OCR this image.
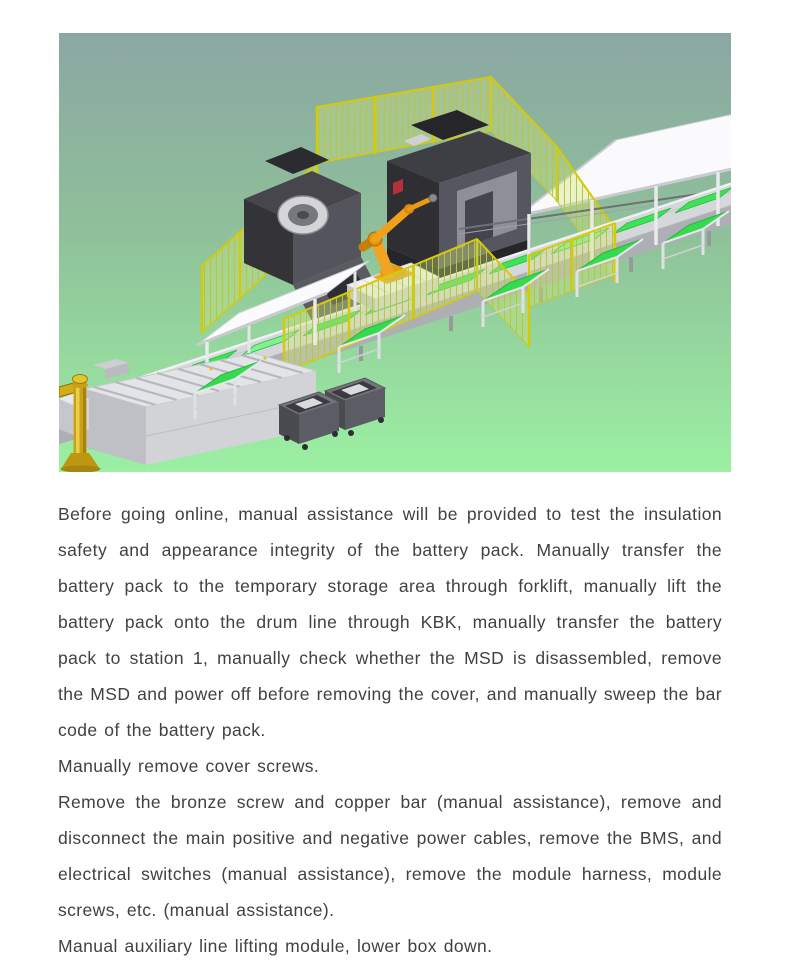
Before going online, manual assistance will be provided to test the insulation safety and appearance integrity of the battery pack. Manually transfer the battery pack to the temporary storage area through forklift, manually lift the battery pack onto the drum line through KBK, manually transfer the battery pack to station 1, manually check whether the MSD is disassembled, remove the MSD and power off before removing the cover, and manually sweep the bar code of the battery pack.

Manually remove cover screws.

Remove the bronze screw and copper bar (manual assistance), remove and disconnect the main positive and negative power cables, remove the BMS, and electrical switches (manual assistance), remove the module harness, module screws, etc. (manual assistance).

Manual auxiliary line lifting module, lower box down.
